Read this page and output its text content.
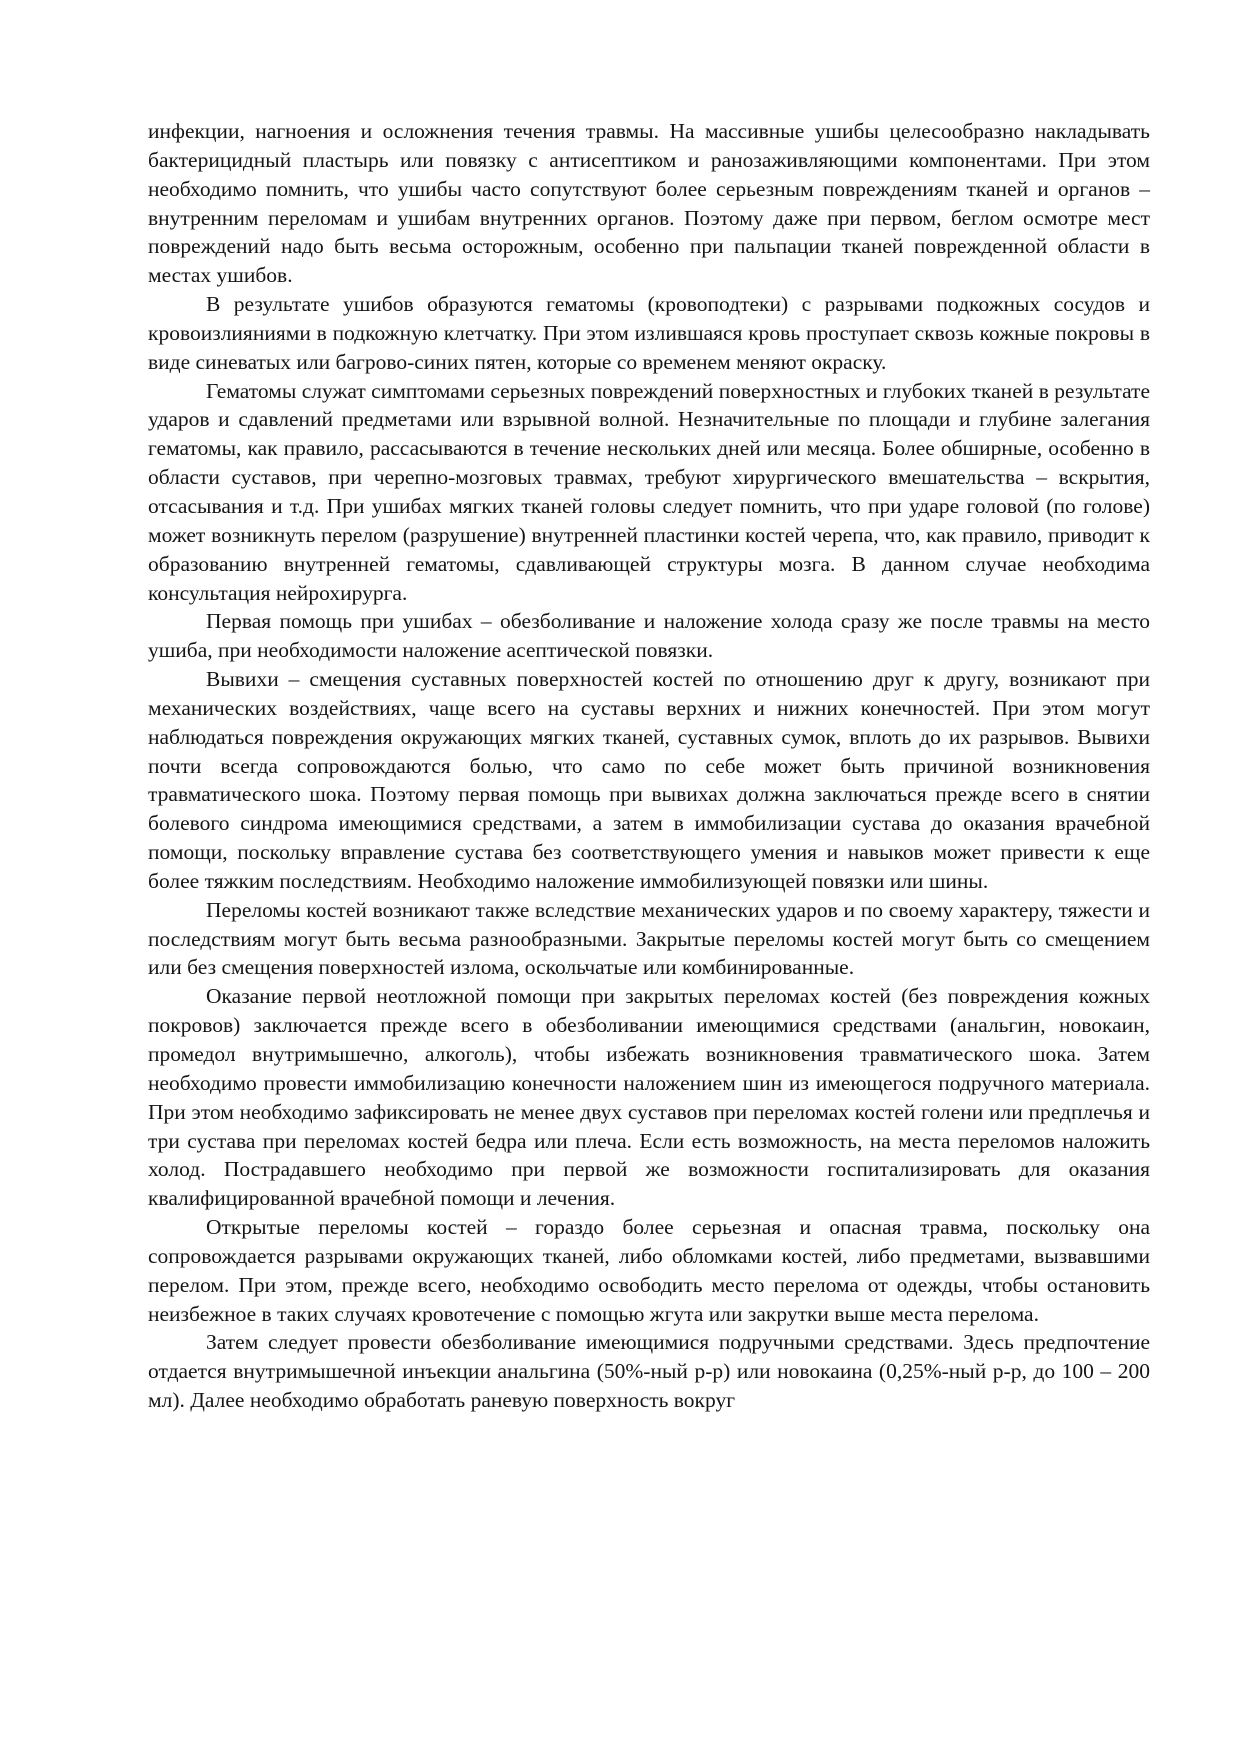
инфекции, нагноения и осложнения течения травмы. На массивные ушибы целесообразно накладывать бактерицидный пластырь или повязку с антисептиком и ранозаживляющими компонентами. При этом необходимо помнить, что ушибы часто сопутствуют более серьезным повреждениям тканей и органов – внутренним переломам и ушибам внутренних органов. Поэтому даже при первом, беглом осмотре мест повреждений надо быть весьма осторожным, особенно при пальпации тканей поврежденной области в местах ушибов.

В результате ушибов образуются гематомы (кровоподтеки) с разрывами подкожных сосудов и кровоизлияниями в подкожную клетчатку. При этом излившаяся кровь проступает сквозь кожные покровы в виде синеватых или багрово-синих пятен, которые со временем меняют окраску.

Гематомы служат симптомами серьезных повреждений поверхностных и глубоких тканей в результате ударов и сдавлений предметами или взрывной волной. Незначительные по площади и глубине залегания гематомы, как правило, рассасываются в течение нескольких дней или месяца. Более обширные, особенно в области суставов, при черепно-мозговых травмах, требуют хирургического вмешательства – вскрытия, отсасывания и т.д. При ушибах мягких тканей головы следует помнить, что при ударе головой (по голове) может возникнуть перелом (разрушение) внутренней пластинки костей черепа, что, как правило, приводит к образованию внутренней гематомы, сдавливающей структуры мозга. В данном случае необходима консультация нейрохирурга.

Первая помощь при ушибах – обезболивание и наложение холода сразу же после травмы на место ушиба, при необходимости наложение асептической повязки.

Вывихи – смещения суставных поверхностей костей по отношению друг к другу, возникают при механических воздействиях, чаще всего на суставы верхних и нижних конечностей. При этом могут наблюдаться повреждения окружающих мягких тканей, суставных сумок, вплоть до их разрывов. Вывихи почти всегда сопровождаются болью, что само по себе может быть причиной возникновения травматического шока. Поэтому первая помощь при вывихах должна заключаться прежде всего в снятии болевого синдрома имеющимися средствами, а затем в иммобилизации сустава до оказания врачебной помощи, поскольку вправление сустава без соответствующего умения и навыков может привести к еще более тяжким последствиям. Необходимо наложение иммобилизующей повязки или шины.

Переломы костей возникают также вследствие механических ударов и по своему характеру, тяжести и последствиям могут быть весьма разнообразными. Закрытые переломы костей могут быть со смещением или без смещения поверхностей излома, оскольчатые или комбинированные.

Оказание первой неотложной помощи при закрытых переломах костей (без повреждения кожных покровов) заключается прежде всего в обезболивании имеющимися средствами (анальгин, новокаин, промедол внутримышечно, алкоголь), чтобы избежать возникновения травматического шока. Затем необходимо провести иммобилизацию конечности наложением шин из имеющегося подручного материала. При этом необходимо зафиксировать не менее двух суставов при переломах костей голени или предплечья и три сустава при переломах костей бедра или плеча. Если есть возможность, на места переломов наложить холод. Пострадавшего необходимо при первой же возможности госпитализировать для оказания квалифицированной врачебной помощи и лечения.

Открытые переломы костей – гораздо более серьезная и опасная травма, поскольку она сопровождается разрывами окружающих тканей, либо обломками костей, либо предметами, вызвавшими перелом. При этом, прежде всего, необходимо освободить место перелома от одежды, чтобы остановить неизбежное в таких случаях кровотечение с помощью жгута или закрутки выше места перелома.

Затем следует провести обезболивание имеющимися подручными средствами. Здесь предпочтение отдается внутримышечной инъекции анальгина (50%-ный р-р) или новокаина (0,25%-ный р-р, до 100 – 200 мл). Далее необходимо обработать раневую поверхность вокруг
